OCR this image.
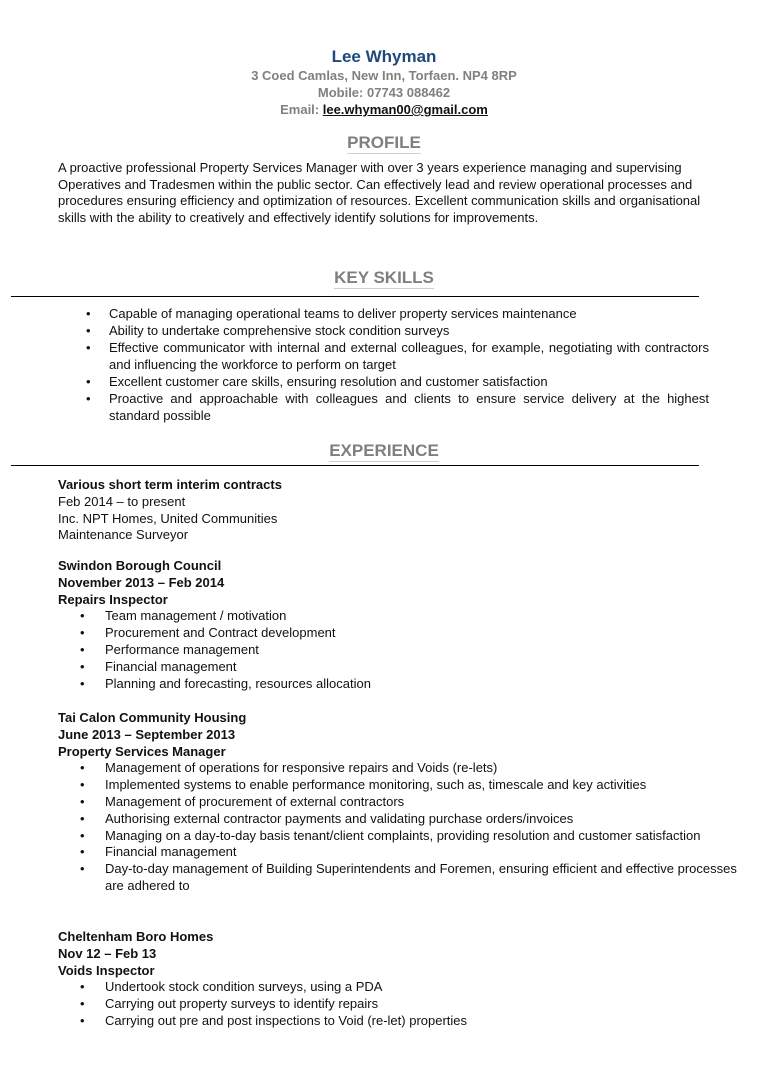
Lee Whyman
3 Coed Camlas, New Inn, Torfaen. NP4 8RP
Mobile: 07743 088462
Email: lee.whyman00@gmail.com
PROFILE
A proactive professional Property Services Manager with over 3 years experience managing and supervising Operatives and Tradesmen within the public sector. Can effectively lead and review operational processes and procedures ensuring efficiency and optimization of resources. Excellent communication skills and organisational skills with the ability to creatively and effectively identify solutions for improvements.
KEY SKILLS
• Capable of managing operational teams to deliver property services maintenance
• Ability to undertake comprehensive stock condition surveys
• Effective communicator with internal and external colleagues, for example, negotiating with contractors and influencing the workforce to perform on target
• Excellent customer care skills, ensuring resolution and customer satisfaction
• Proactive and approachable with colleagues and clients to ensure service delivery at the highest standard possible
EXPERIENCE
Various short term interim contracts
Feb 2014 – to present
Inc. NPT Homes, United Communities
Maintenance Surveyor
Swindon Borough Council
November 2013 – Feb 2014
Repairs Inspector
• Team management / motivation
• Procurement and Contract development
• Performance management
• Financial management
• Planning and forecasting, resources allocation
Tai Calon Community Housing
June 2013 – September 2013
Property Services Manager
• Management of operations for responsive repairs and Voids (re-lets)
• Implemented systems to enable performance monitoring, such as, timescale and key activities
• Management of procurement of external contractors
• Authorising external contractor payments and validating purchase orders/invoices
• Managing on a day-to-day basis tenant/client complaints, providing resolution and customer satisfaction
• Financial management
• Day-to-day management of Building Superintendents and Foremen, ensuring efficient and effective processes are adhered to
Cheltenham Boro Homes
Nov 12 – Feb 13
Voids Inspector
• Undertook stock condition surveys, using a PDA
• Carrying out property surveys to identify repairs
• Carrying out pre and post inspections to Void (re-let) properties
